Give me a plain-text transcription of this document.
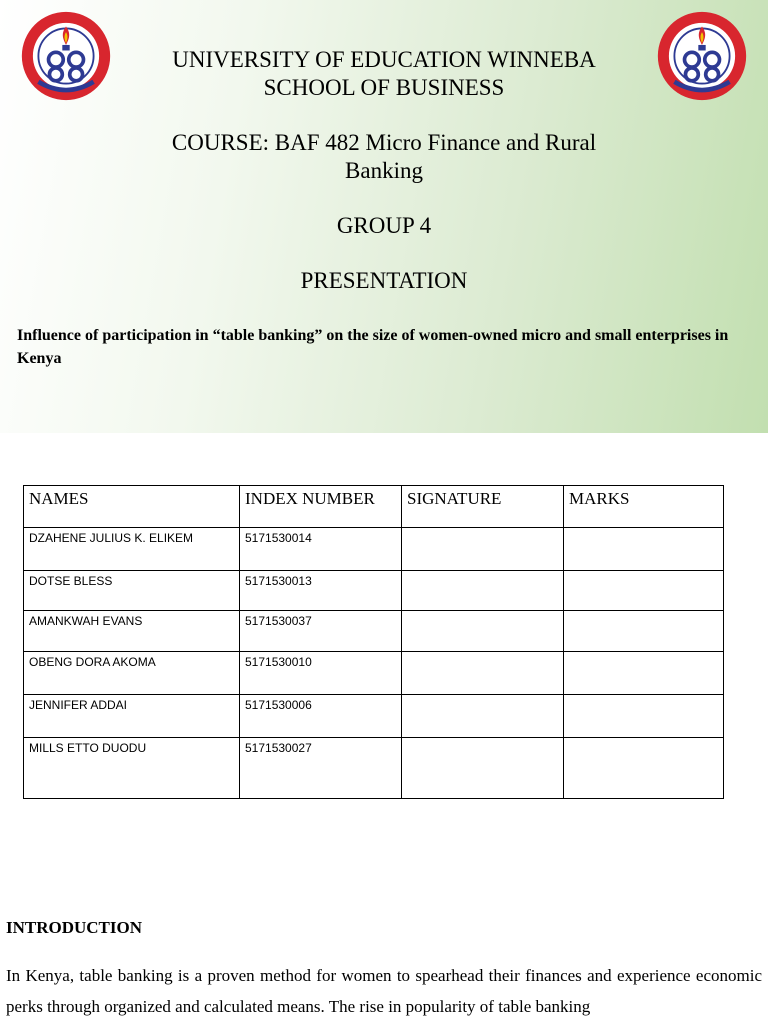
UNIVERSITY OF EDUCATION WINNEBA
SCHOOL OF BUSINESS
COURSE: BAF 482 Micro Finance and Rural
Banking
GROUP 4
PRESENTATION

Influence of participation in “table banking” on the size of women-owned micro and small enterprises in Kenya

NAMES	INDEX NUMBER	SIGNATURE	MARKS
DZAHENE JULIUS K. ELIKEM	5171530014		
DOTSE BLESS	5171530013		
AMANKWAH EVANS	5171530037		
OBENG DORA AKOMA	5171530010		
JENNIFER ADDAI	5171530006		
MILLS ETTO DUODU	5171530027		
INTRODUCTION

In Kenya, table banking is a proven method for women to spearhead their finances and experience economic perks through organized and calculated means. The rise in popularity of table banking
